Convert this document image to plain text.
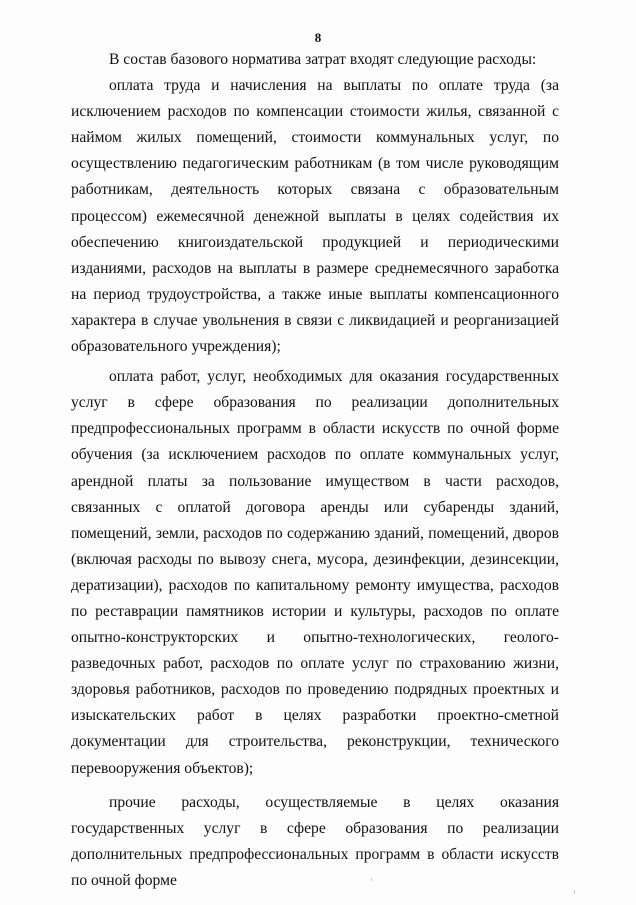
8

В состав базового норматива затрат входят следующие расходы:

оплата труда и начисления на выплаты по оплате труда (за исключением расходов по компенсации стоимости жилья, связанной с наймом жилых помещений, стоимости коммунальных услуг, по осуществлению педагогическим работникам (в том числе руководящим работникам, деятельность которых связана с образовательным процессом) ежемесячной денежной выплаты в целях содействия их обеспечению книгоиздательской продукцией и периодическими изданиями, расходов на выплаты в размере среднемесячного заработка на период трудоустройства, а также иные выплаты компенсационного характера в случае увольнения в связи с ликвидацией и реорганизацией образовательного учреждения);

оплата работ, услуг, необходимых для оказания государственных услуг в сфере образования по реализации дополнительных предпрофессиональных программ в области искусств по очной форме обучения (за исключением расходов по оплате коммунальных услуг, арендной платы за пользование имуществом в части расходов, связанных с оплатой договора аренды или субаренды зданий, помещений, земли, расходов по содержанию зданий, помещений, дворов (включая расходы по вывозу снега, мусора, дезинфекции, дезинсекции, дератизации), расходов по капитальному ремонту имущества, расходов по реставрации памятников истории и культуры, расходов по оплате опытно-конструкторских и опытно-технологических, геолого-разведочных работ, расходов по оплате услуг по страхованию жизни, здоровья работников, расходов по проведению подрядных проектных и изыскательских работ в целях разработки проектно-сметной документации для строительства, реконструкции, технического перевооружения объектов);

прочие расходы, осуществляемые в целях оказания государственных услуг в сфере образования по реализации дополнительных предпрофессиональных программ в области искусств по очной форме
